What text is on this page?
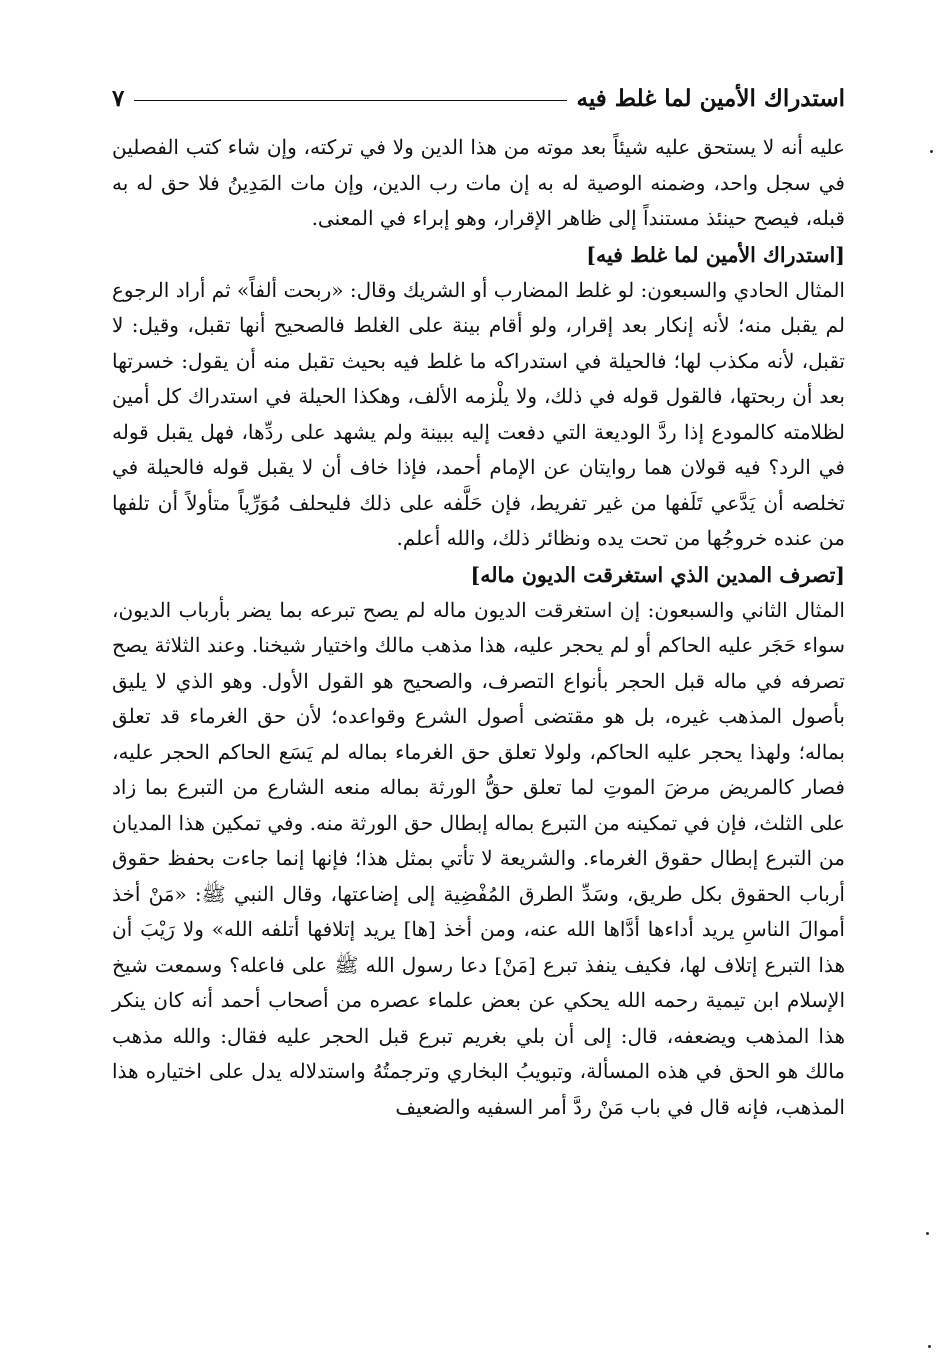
استدراك الأمين لما غلط فيه
٧

عليه أنه لا يستحق عليه شيئاً بعد موته من هذا الدين ولا في تركته، وإن شاء كتب الفصلين في سجل واحد، وضمنه الوصية له به إن مات رب الدين، وإن مات المَدِينُ فلا حق له به قبله، فيصح حينئذ مستنداً إلى ظاهر الإقرار، وهو إبراء في المعنى.

[استدراك الأمين لما غلط فيه]

المثال الحادي والسبعون: لو غلط المضارب أو الشريك وقال: «ربحت ألفاً» ثم أراد الرجوع لم يقبل منه؛ لأنه إنكار بعد إقرار، ولو أقام بينة على الغلط فالصحيح أنها تقبل، وقيل: لا تقبل، لأنه مكذب لها؛ فالحيلة في استدراكه ما غلط فيه بحيث تقبل منه أن يقول: خسرتها بعد أن ربحتها، فالقول قوله في ذلك، ولا يلْزمه الألف، وهكذا الحيلة في استدراك كل أمين لظلامته كالمودع إذا ردَّ الوديعة التي دفعت إليه ببينة ولم يشهد على ردِّها، فهل يقبل قوله في الرد؟ فيه قولان هما روايتان عن الإمام أحمد، فإذا خاف أن لا يقبل قوله فالحيلة في تخلصه أن يَدَّعي تَلَفها من غير تفريط، فإن حَلَّفه على ذلك فليحلف مُوَرِّياً متأولاً أن تلفها من عنده خروجُها من تحت يده ونظائر ذلك، والله أعلم.

[تصرف المدين الذي استغرقت الديون ماله]

المثال الثاني والسبعون: إن استغرقت الديون ماله لم يصح تبرعه بما يضر بأرباب الديون، سواء حَجَر عليه الحاكم أو لم يحجر عليه، هذا مذهب مالك واختيار شيخنا. وعند الثلاثة يصح تصرفه في ماله قبل الحجر بأنواع التصرف، والصحيح هو القول الأول. وهو الذي لا يليق بأصول المذهب غيره، بل هو مقتضى أصول الشرع وقواعده؛ لأن حق الغرماء قد تعلق بماله؛ ولهذا يحجر عليه الحاكم، ولولا تعلق حق الغرماء بماله لم يَسَع الحاكم الحجر عليه، فصار كالمريض مرضَ الموتِ لما تعلق حقُّ الورثة بماله منعه الشارع من التبرع بما زاد على الثلث، فإن في تمكينه من التبرع بماله إبطال حق الورثة منه. وفي تمكين هذا المديان من التبرع إبطال حقوق الغرماء. والشريعة لا تأتي بمثل هذا؛ فإنها إنما جاءت بحفظ حقوق أرباب الحقوق بكل طريق، وسَدِّ الطرق المُفْضِية إلى إضاعتها، وقال النبي ﷺ: «مَنْ أخذ أموالَ الناسِ يريد أداءها أدَّاها الله عنه، ومن أخذ [ها] يريد إتلافها أتلفه الله» ولا رَيْبَ أن هذا التبرع إتلاف لها، فكيف ينفذ تبرع [مَنْ] دعا رسول الله ﷺ على فاعله؟ وسمعت شيخ الإسلام ابن تيمية رحمه الله يحكي عن بعض علماء عصره من أصحاب أحمد أنه كان ينكر هذا المذهب ويضعفه، قال: إلى أن بلي بغريم تبرع قبل الحجر عليه فقال: والله مذهب مالك هو الحق في هذه المسألة، وتبويبُ البخاري وترجمتُهُ واستدلاله يدل على اختياره هذا المذهب، فإنه قال في باب مَنْ ردَّ أمر السفيه والضعيف
